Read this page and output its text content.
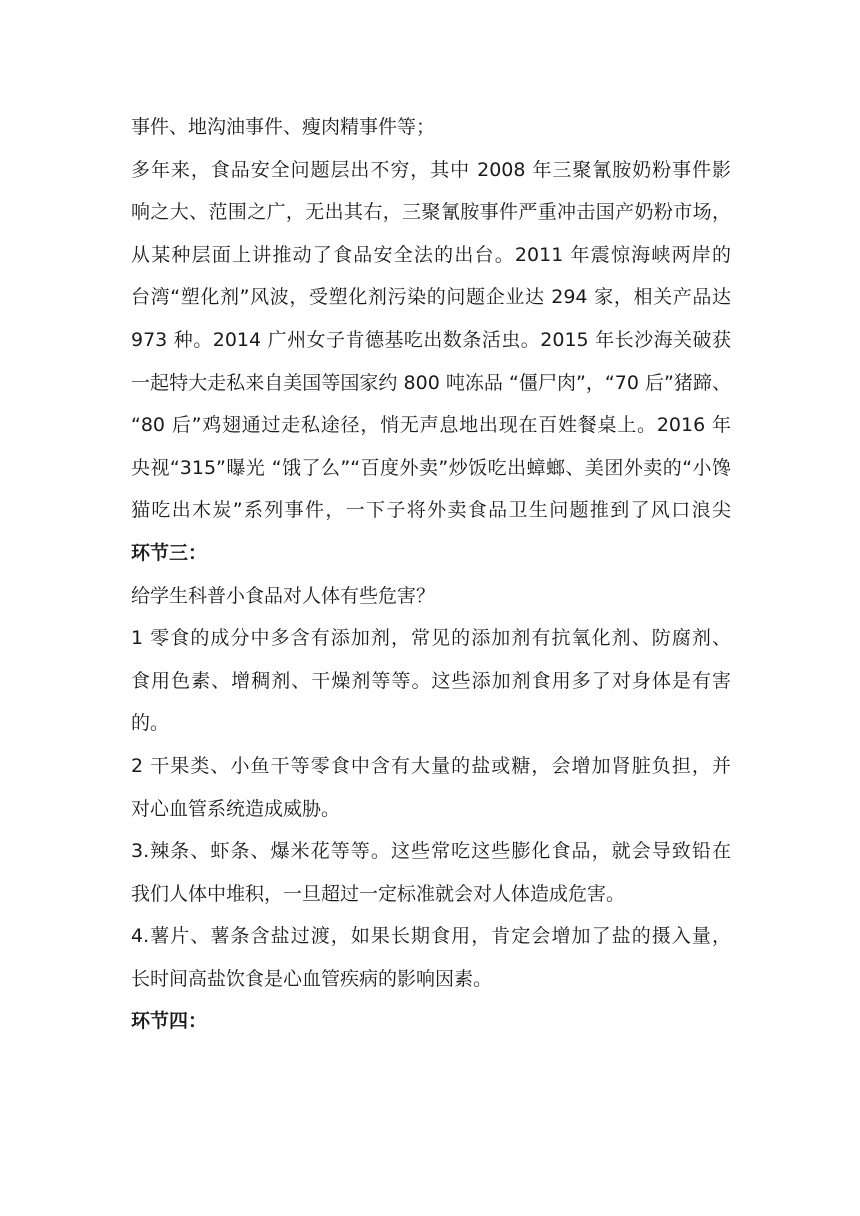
事件、地沟油事件、瘦肉精事件等；
多年来，食品安全问题层出不穷，其中 2008 年三聚氰胺奶粉事件影
响之大、范围之广，无出其右，三聚氰胺事件严重冲击国产奶粉市场，
从某种层面上讲推动了食品安全法的出台。2011 年震惊海峡两岸的
台湾“塑化剂”风波，受塑化剂污染的问题企业达 294 家，相关产品达
973 种。2014 广州女子肯德基吃出数条活虫。2015 年长沙海关破获
一起特大走私来自美国等国家约 800 吨冻品 “僵尸肉”，“70 后”猪蹄、
“80 后”鸡翅通过走私途径，悄无声息地出现在百姓餐桌上。2016 年
央视“315”曝光 “饿了么”“百度外卖”炒饭吃出蟑螂、美团外卖的“小馋
猫吃出木炭”系列事件，一下子将外卖食品卫生问题推到了风口浪尖
环节三：
给学生科普小食品对人体有些危害？
1 零食的成分中多含有添加剂，常见的添加剂有抗氧化剂、防腐剂、
食用色素、增稠剂、干燥剂等等。这些添加剂食用多了对身体是有害
的。
2 干果类、小鱼干等零食中含有大量的盐或糖，会增加肾脏负担，并
对心血管系统造成威胁。
3.辣条、虾条、爆米花等等。这些常吃这些膨化食品，就会导致铅在
我们人体中堆积，一旦超过一定标准就会对人体造成危害。
4.薯片、薯条含盐过渡，如果长期食用，肯定会增加了盐的摄入量，
长时间高盐饮食是心血管疾病的影响因素。
环节四：
